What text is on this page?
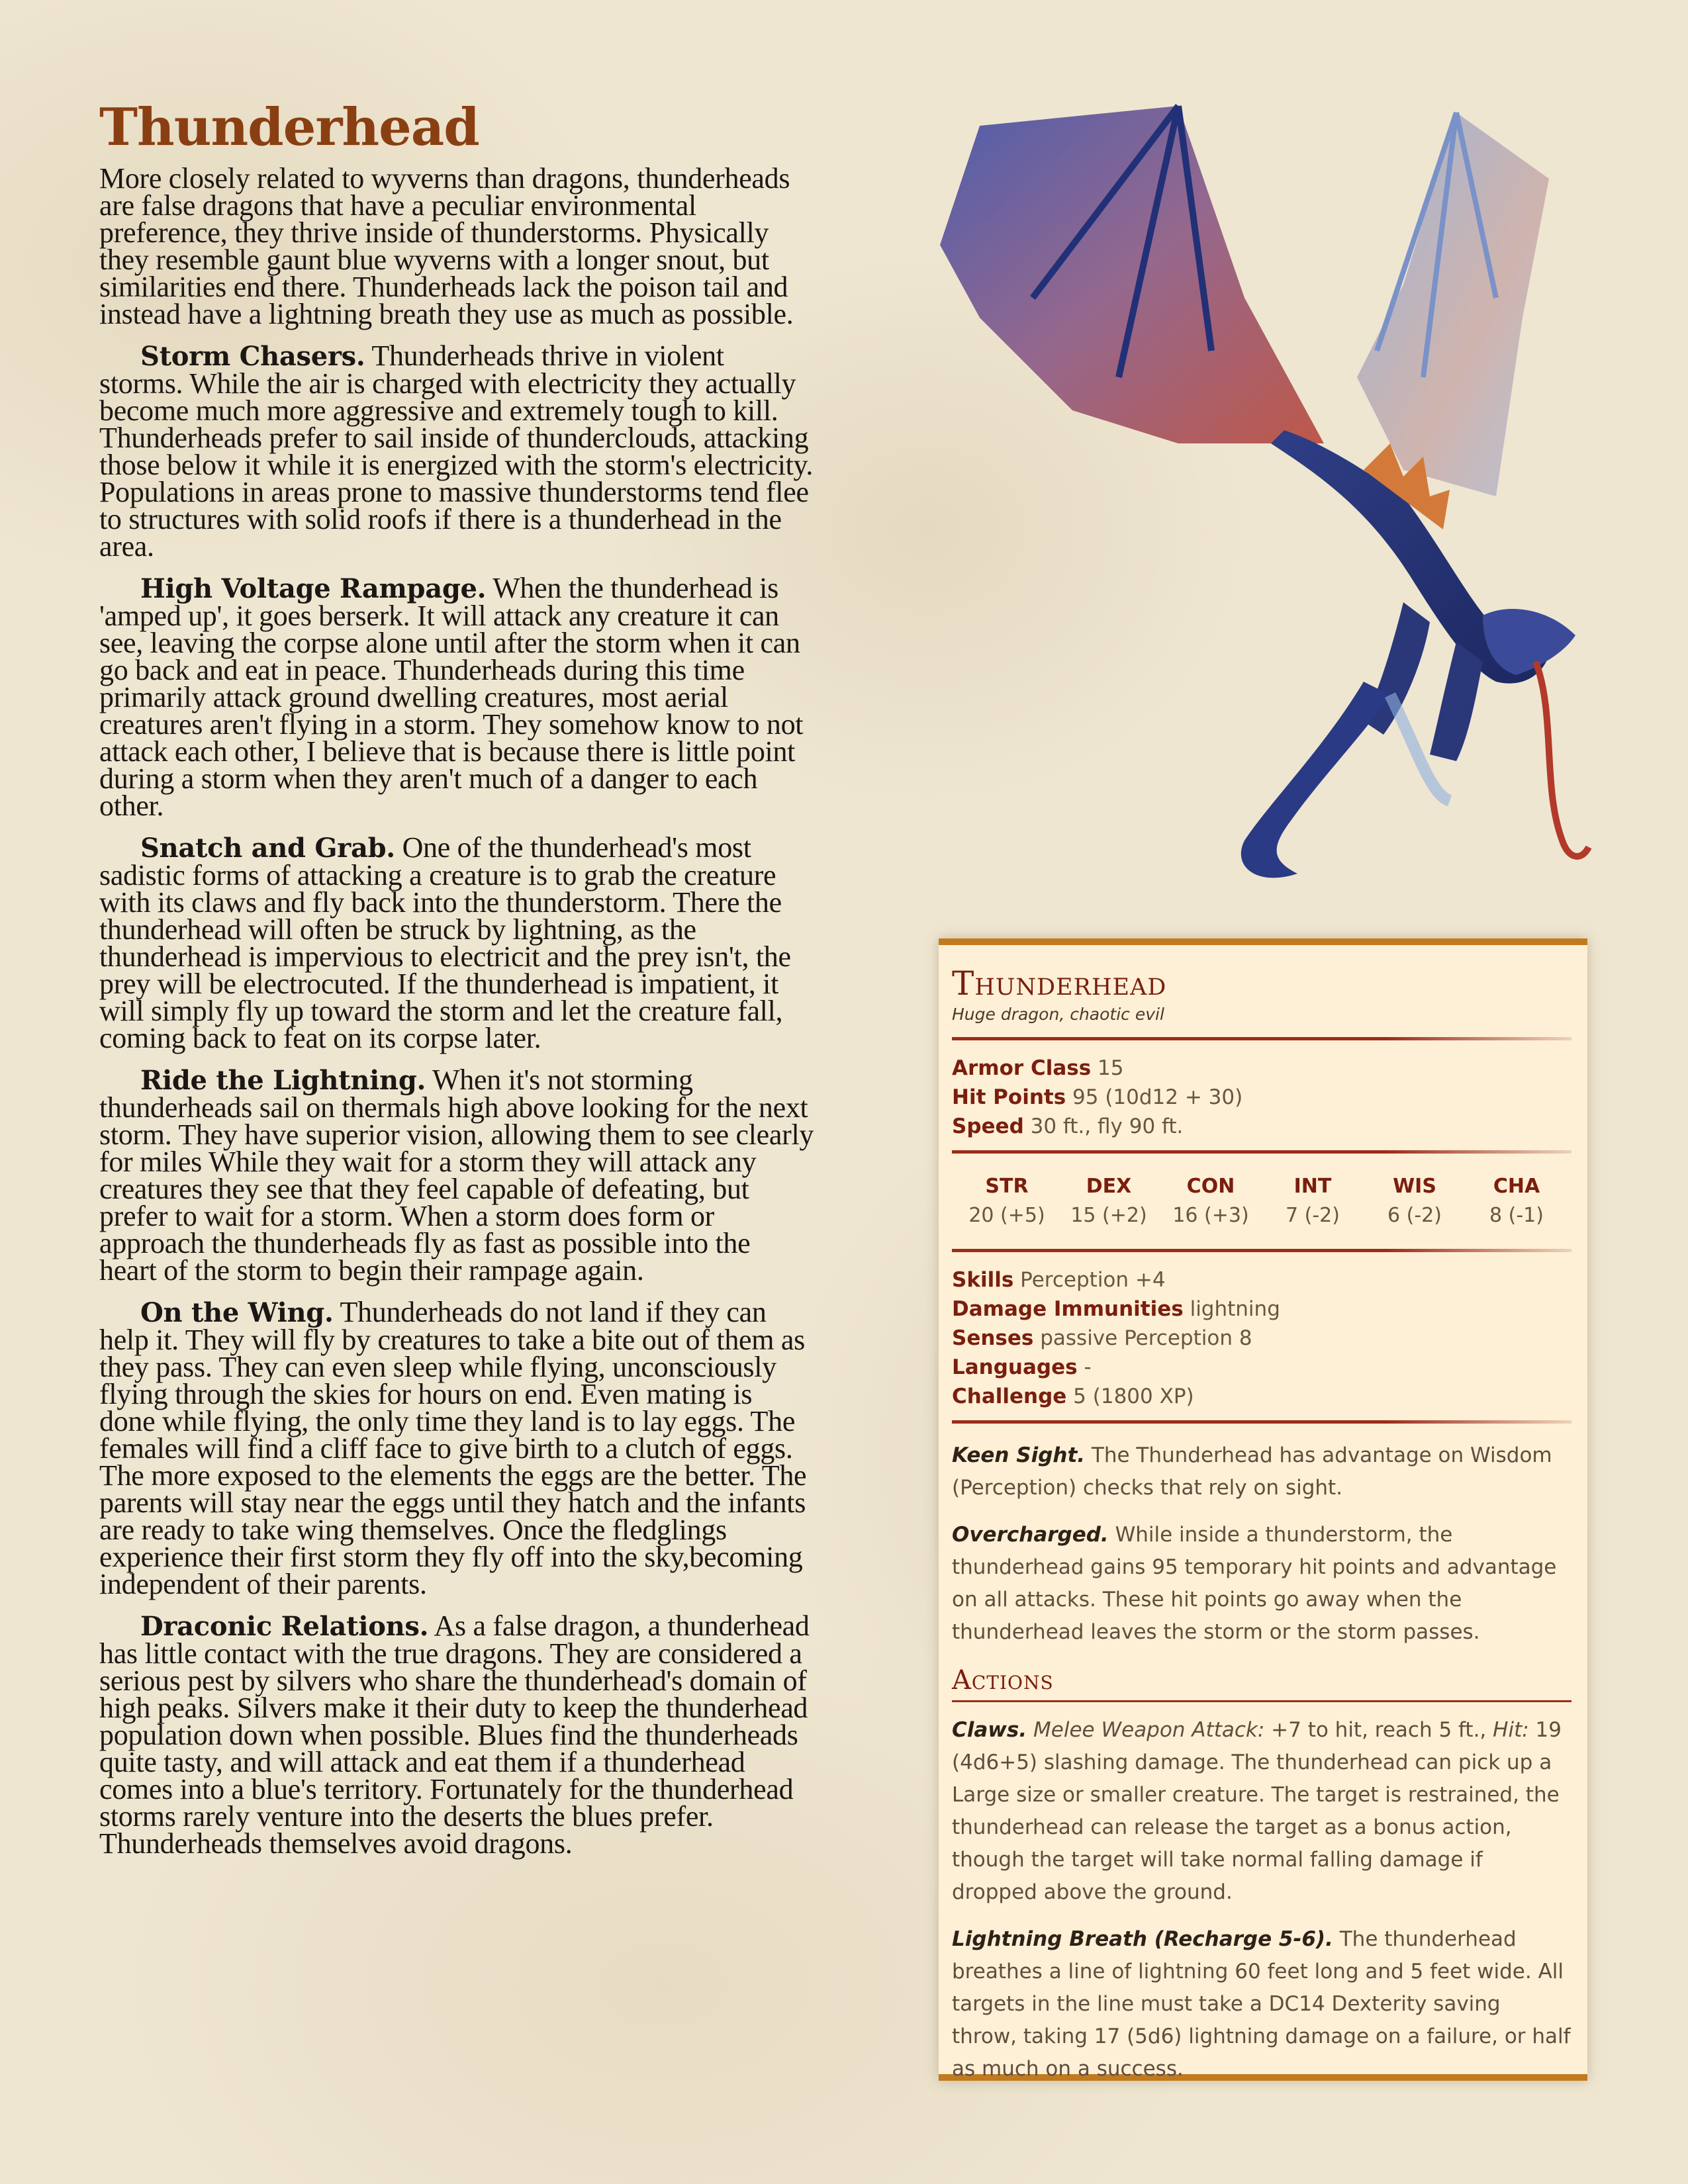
Thunderhead

More closely related to wyverns than dragons, thunderheads are false dragons that have a peculiar environmental preference, they thrive inside of thunderstorms. Physically they resemble gaunt blue wyverns with a longer snout, but similarities end there. Thunderheads lack the poison tail and instead have a lightning breath they use as much as possible.

Storm Chasers. Thunderheads thrive in violent storms. While the air is charged with electricity they actually become much more aggressive and extremely tough to kill. Thunderheads prefer to sail inside of thunderclouds, attacking those below it while it is energized with the storm's electricity. Populations in areas prone to massive thunderstorms tend flee to structures with solid roofs if there is a thunderhead in the area.

High Voltage Rampage. When the thunderhead is 'amped up', it goes berserk. It will attack any creature it can see, leaving the corpse alone until after the storm when it can go back and eat in peace. Thunderheads during this time primarily attack ground dwelling creatures, most aerial creatures aren't flying in a storm. They somehow know to not attack each other, I believe that is because there is little point during a storm when they aren't much of a danger to each other.

Snatch and Grab. One of the thunderhead's most sadistic forms of attacking a creature is to grab the creature with its claws and fly back into the thunderstorm. There the thunderhead will often be struck by lightning, as the thunderhead is impervious to electricit and the prey isn't, the prey will be electrocuted. If the thunderhead is impatient, it will simply fly up toward the storm and let the creature fall, coming back to feat on its corpse later.

Ride the Lightning. When it's not storming thunderheads sail on thermals high above looking for the next storm. They have superior vision, allowing them to see clearly for miles While they wait for a storm they will attack any creatures they see that they feel capable of defeating, but prefer to wait for a storm. When a storm does form or approach the thunderheads fly as fast as possible into the heart of the storm to begin their rampage again.

On the Wing. Thunderheads do not land if they can help it. They will fly by creatures to take a bite out of them as they pass. They can even sleep while flying, unconsciously flying through the skies for hours on end. Even mating is done while flying, the only time they land is to lay eggs. The females will find a cliff face to give birth to a clutch of eggs. The more exposed to the elements the eggs are the better. The parents will stay near the eggs until they hatch and the infants are ready to take wing themselves. Once the fledglings experience their first storm they fly off into the sky,becoming independent of their parents.

Draconic Relations. As a false dragon, a thunderhead has little contact with the true dragons. They are considered a serious pest by silvers who share the thunderhead's domain of high peaks. Silvers make it their duty to keep the thunderhead population down when possible. Blues find the thunderheads quite tasty, and will attack and eat them if a thunderhead comes into a blue's territory. Fortunately for the thunderhead storms rarely venture into the deserts the blues prefer. Thunderheads themselves avoid dragons.

Thunderhead
Huge dragon, chaotic evil
Armor Class 15
Hit Points 95 (10d12 + 30)
Speed 30 ft., fly 90 ft.
STR
20 (+5)
DEX
15 (+2)
CON
16 (+3)
INT
7 (-2)
WIS
6 (-2)
CHA
8 (-1)
Skills Perception +4
Damage Immunities lightning
Senses passive Perception 8
Languages -
Challenge 5 (1800 XP)

Keen Sight. The Thunderhead has advantage on Wisdom (Perception) checks that rely on sight.

Overcharged. While inside a thunderstorm, the thunderhead gains 95 temporary hit points and advantage on all attacks. These hit points go away when the thunderhead leaves the storm or the storm passes.

Actions

Claws. Melee Weapon Attack: +7 to hit, reach 5 ft., Hit: 19 (4d6+5) slashing damage. The thunderhead can pick up a Large size or smaller creature. The target is restrained, the thunderhead can release the target as a bonus action, though the target will take normal falling damage if dropped above the ground.

Lightning Breath (Recharge 5-6). The thunderhead breathes a line of lightning 60 feet long and 5 feet wide. All targets in the line must take a DC14 Dexterity saving throw, taking 17 (5d6) lightning damage on a failure, or half as much on a success.
